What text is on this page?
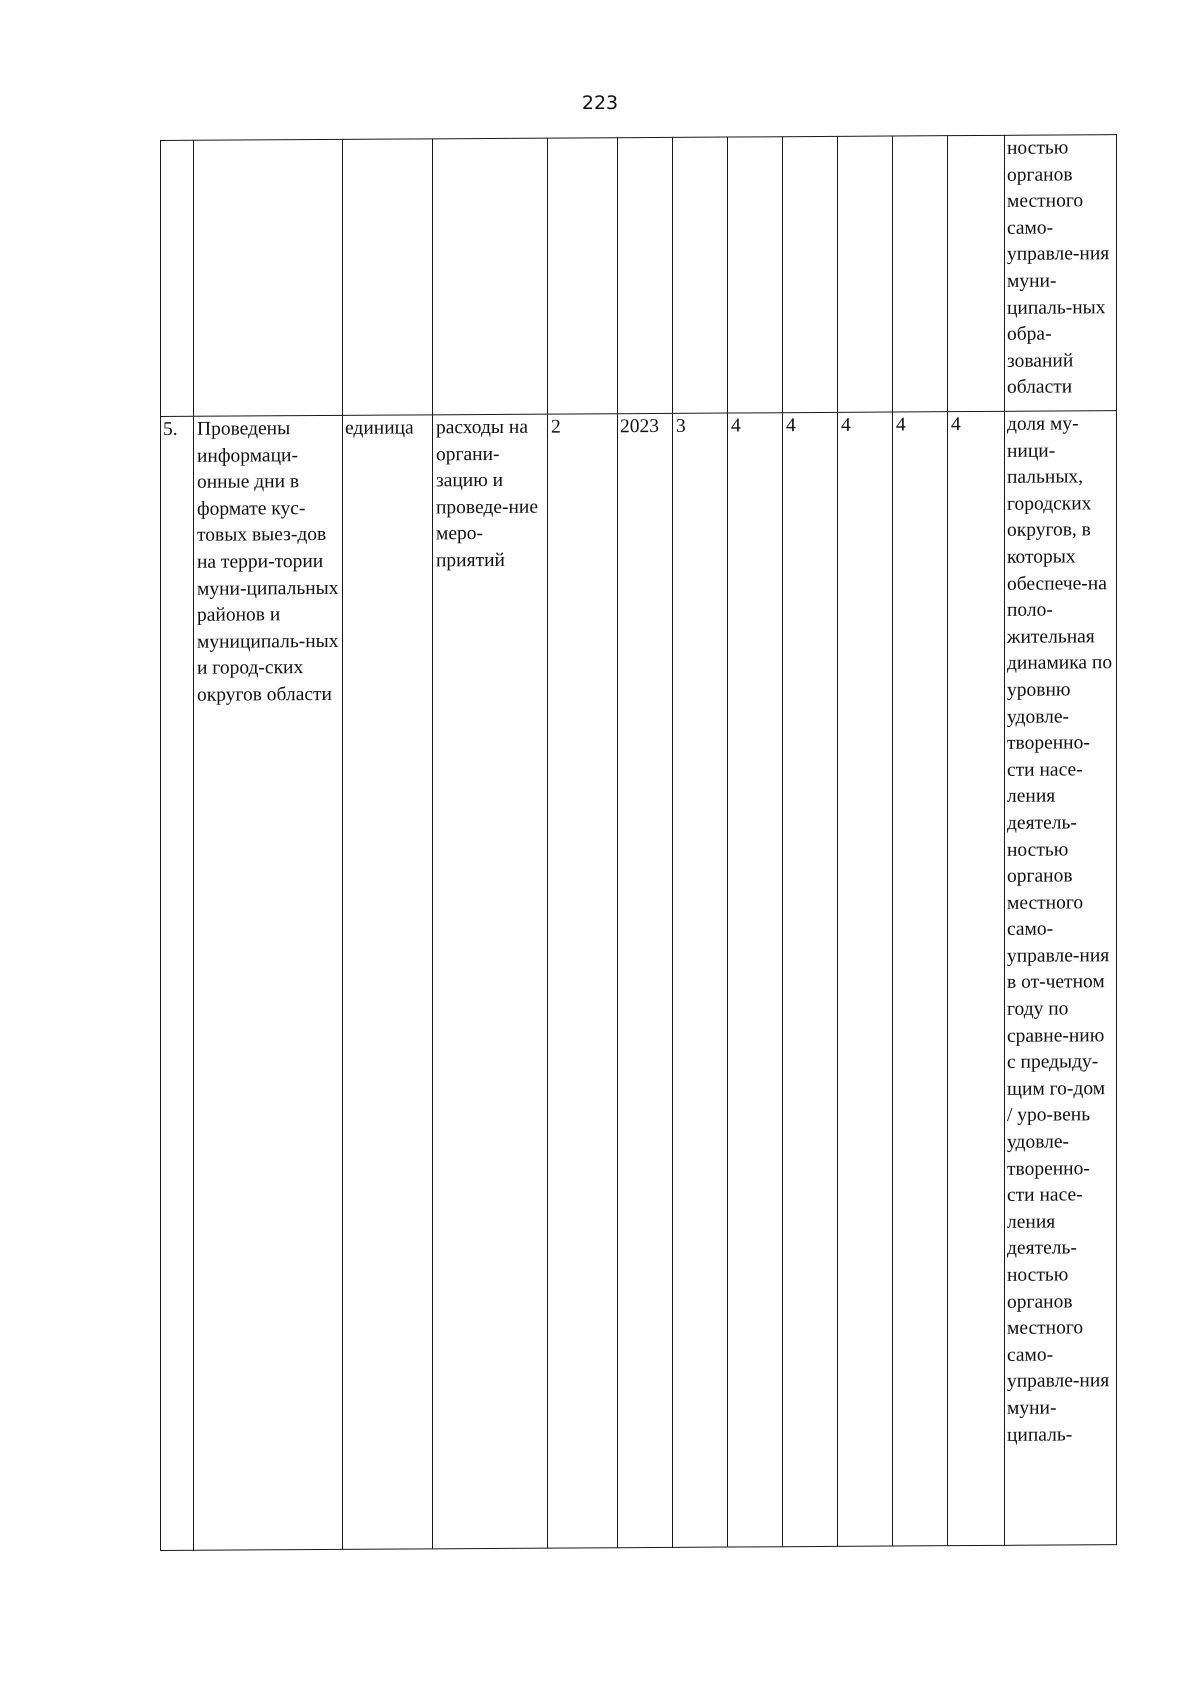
223
												ностью органов местного само-управле-ния муни-ципаль-ных обра-зований области
5.	Проведены информаци-онные дни в формате кус-товых выез-дов на терри-тории муни-ципальных районов и муниципаль-ных и город-ских округов области	единица	расходы на органи-зацию и проведе-ние меро-приятий	2	2023	3	4	4	4	4	4	доля му-ници-пальных, городских округов, в которых обеспече-на поло-жительная динамика по уровню удовле-творенно-сти насе-ления деятель-ностью органов местного само-управле-ния в от-четном году по сравне-нию с предыду-щим го-дом / уро-вень удовле-творенно-сти насе-ления деятель-ностью органов местного само-управле-ния муни-ципаль-
